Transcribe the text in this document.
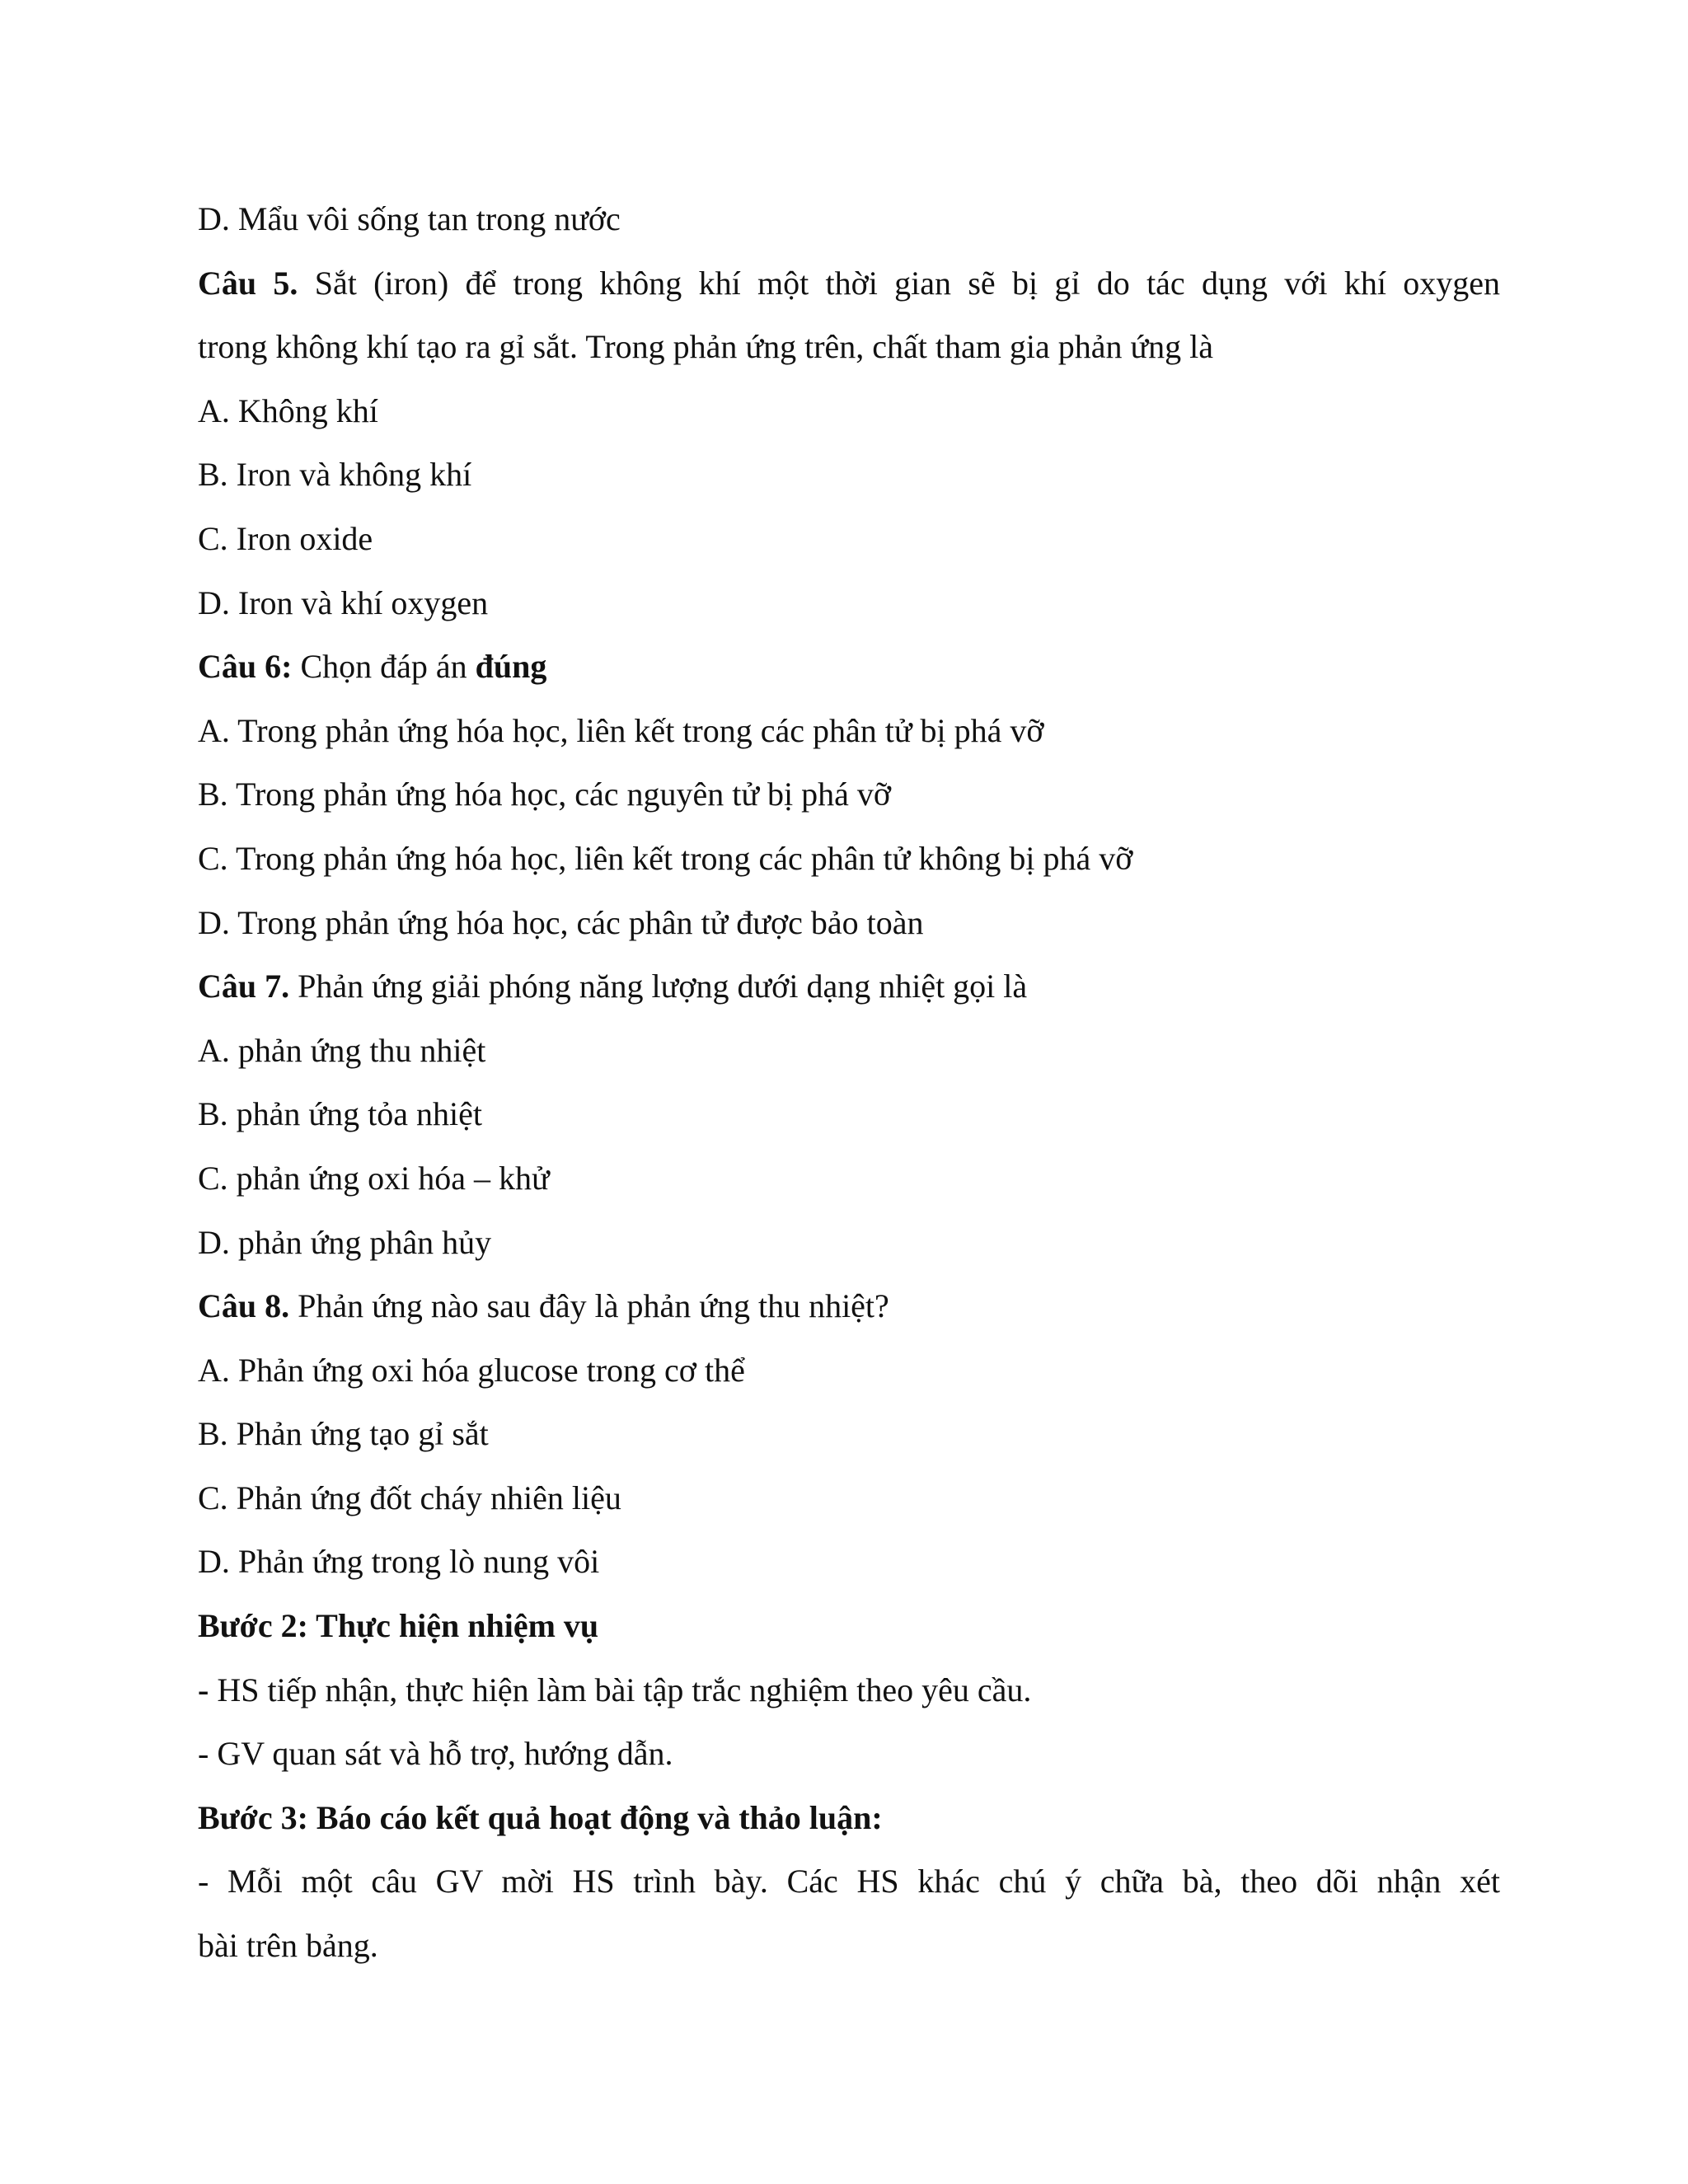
D. Mẩu vôi sống tan trong nước
Câu 5. Sắt (iron) để trong không khí một thời gian sẽ bị gỉ do tác dụng với khí oxygen
trong không khí tạo ra gỉ sắt. Trong phản ứng trên, chất tham gia phản ứng là
A. Không khí
B. Iron và không khí
C. Iron oxide
D. Iron và khí oxygen
Câu 6: Chọn đáp án đúng
A. Trong phản ứng hóa học, liên kết trong các phân tử bị phá vỡ
B. Trong phản ứng hóa học, các nguyên tử bị phá vỡ
C. Trong phản ứng hóa học, liên kết trong các phân tử không bị phá vỡ
D. Trong phản ứng hóa học, các phân tử được bảo toàn
Câu 7. Phản ứng giải phóng năng lượng dưới dạng nhiệt gọi là
A. phản ứng thu nhiệt
B. phản ứng tỏa nhiệt
C. phản ứng oxi hóa – khử
D. phản ứng phân hủy
Câu 8. Phản ứng nào sau đây là phản ứng thu nhiệt?
A. Phản ứng oxi hóa glucose trong cơ thể
B. Phản ứng tạo gỉ sắt
C. Phản ứng đốt cháy nhiên liệu
D. Phản ứng trong lò nung vôi
Bước 2: Thực hiện nhiệm vụ
- HS tiếp nhận, thực hiện làm bài tập trắc nghiệm theo yêu cầu.
- GV quan sát và hỗ trợ, hướng dẫn.
Bước 3: Báo cáo kết quả hoạt động và thảo luận:
- Mỗi một câu GV mời HS trình bày. Các HS khác chú ý chữa bà, theo dõi nhận xét
bài trên bảng.
